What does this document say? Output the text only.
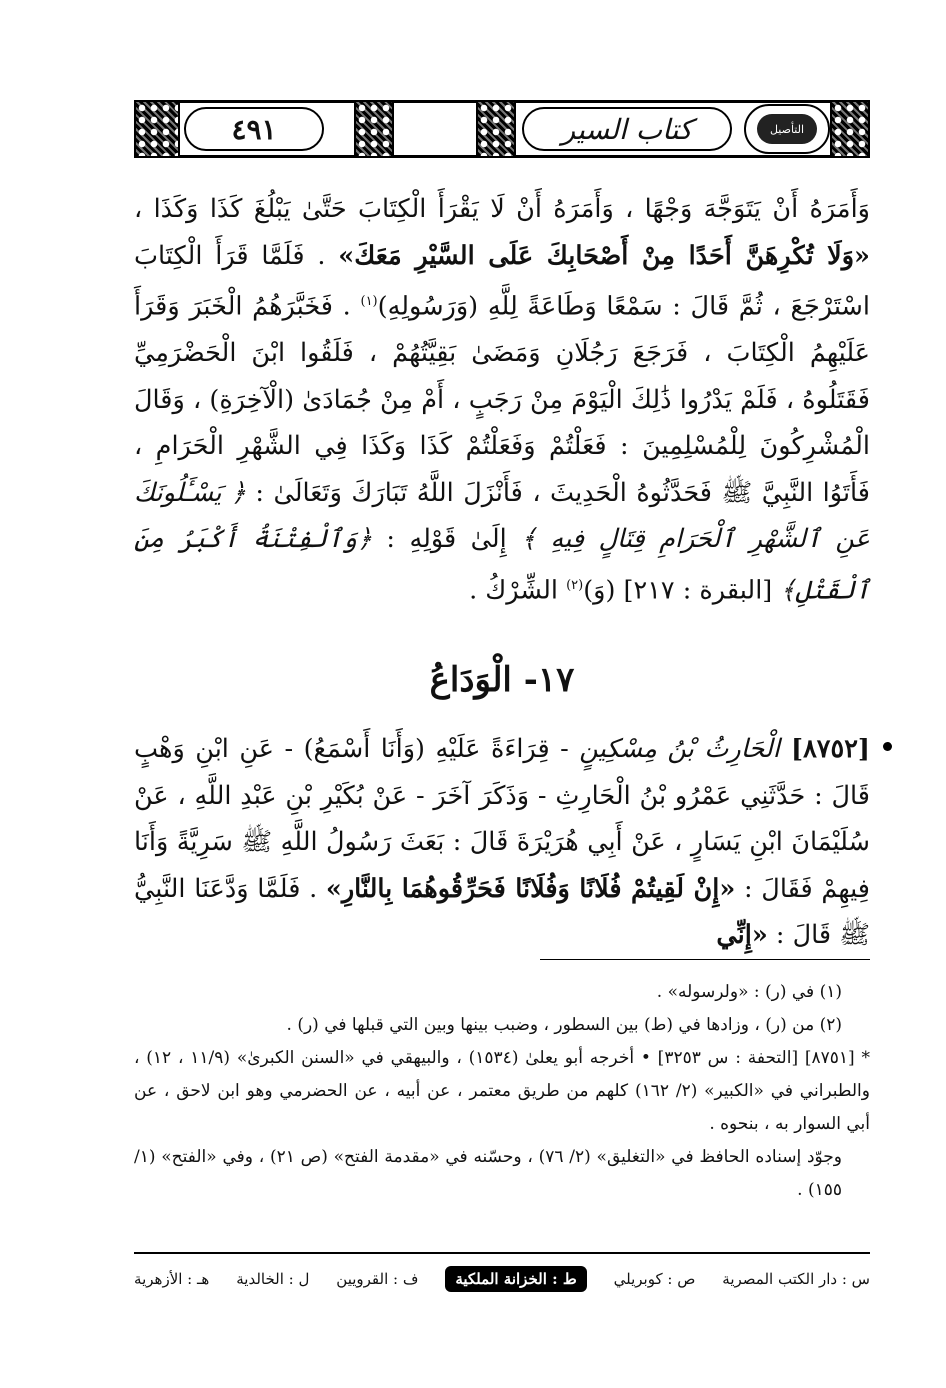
٤٩١	كتاب السير	التأصيل

وَأَمَرَهُ أَنْ يَتَوَجَّهَ وَجْهًا ، وَأَمَرَهُ أَنْ لَا يَقْرَأَ الْكِتَابَ حَتَّىٰ يَبْلُغَ كَذَا وَكَذَا ، «وَلَا تُكْرِهَنَّ أَحَدًا مِنْ أَصْحَابِكَ عَلَى السَّيْرِ مَعَكَ» . فَلَمَّا قَرَأَ الْكِتَابَ اسْتَرْجَعَ ، ثُمَّ قَالَ : سَمْعًا وَطَاعَةً لِلَّهِ (وَرَسُولِهِ)$^{(١)}$ . فَخَبَّرَهُمُ الْخَبَرَ وَقَرَأَ عَلَيْهِمُ الْكِتَابَ ، فَرَجَعَ رَجُلَانِ وَمَضَىٰ بَقِيَّتُهُمْ ، فَلَقُوا ابْنَ الْحَضْرَمِيِّ فَقَتَلُوهُ ، فَلَمْ يَدْرُوا ذَٰلِكَ الْيَوْمَ مِنْ رَجَبٍ ، أَمْ مِنْ جُمَادَىٰ (الْآخِرَةِ) ، وَقَالَ الْمُشْرِكُونَ لِلْمُسْلِمِينَ : فَعَلْتُمْ وَفَعَلْتُمْ كَذَا وَكَذَا فِي الشَّهْرِ الْحَرَامِ ، فَأَتَوُا النَّبِيَّ ﷺ فَحَدَّثُوهُ الْحَدِيثَ ، فَأَنْزَلَ اللَّهُ تَبَارَكَ وَتَعَالَىٰ : ﴿ يَسْـَٔلُونَكَ عَنِ ٱلشَّهْرِ ٱلْحَرَامِ قِتَالٍ فِيهِ ﴾ إِلَىٰ قَوْلِهِ : ﴿وَٱلْفِتْنَةُ أَكْبَرُ مِنَ ٱلْقَتْلِ﴾ [البقرة : ٢١٧] (وَ)$^{(٢)}$ الشِّرْكُ .

١٧- الْوَدَاعُ

[٨٧٥٢] الْحَارِثُ بْنُ مِسْكِينٍ - قِرَاءَةً عَلَيْهِ (وَأَنَا أَسْمَعُ) - عَنِ ابْنِ وَهْبٍ قَالَ : حَدَّثَنِي عَمْرُو بْنُ الْحَارِثِ - وَذَكَرَ آخَرَ - عَنْ بُكَيْرِ بْنِ عَبْدِ اللَّهِ ، عَنْ سُلَيْمَانَ ابْنِ يَسَارٍ ، عَنْ أَبِي هُرَيْرَةَ قَالَ : بَعَثَ رَسُولُ اللَّهِ ﷺ سَرِيَّةً وَأَنَا فِيهِمْ فَقَالَ : «إِنْ لَقِيتُمْ فُلَانًا وَفُلَانًا فَحَرِّقُوهُمَا بِالنَّارِ» . فَلَمَّا وَدَّعَنَا النَّبِيُّ ﷺ قَالَ : «إِنِّي

(١) في (ر) : «ولرسوله» .

(٢) من (ر) ، وزادها في (ط) بين السطور ، وضبب بينها وبين التي قبلها في (ر) .

* [٨٧٥١] [التحفة : س ٣٢٥٣] • أخرجه أبو يعلىٰ (١٥٣٤) ، والبيهقي في «السنن الكبرىٰ» (١١/٩ ، ١٢) ، والطبراني في «الكبير» (٢/ ١٦٢) كلهم من طريق معتمر ، عن أبيه ، عن الحضرمي وهو ابن لاحق ، عن أبي السوار به ، بنحوه .

وجوّد إسناده الحافظ في «التغليق» (٢/ ٧٦) ، وحسّنه في «مقدمة الفتح» (ص ٢١) ، وفي «الفتح» (١/ ١٥٥) .

س : دار الكتب المصرية
ص : كوبريلي
ط : الخزانة الملكية
ف : القرويين
ل : الخالدية
هـ : الأزهرية
